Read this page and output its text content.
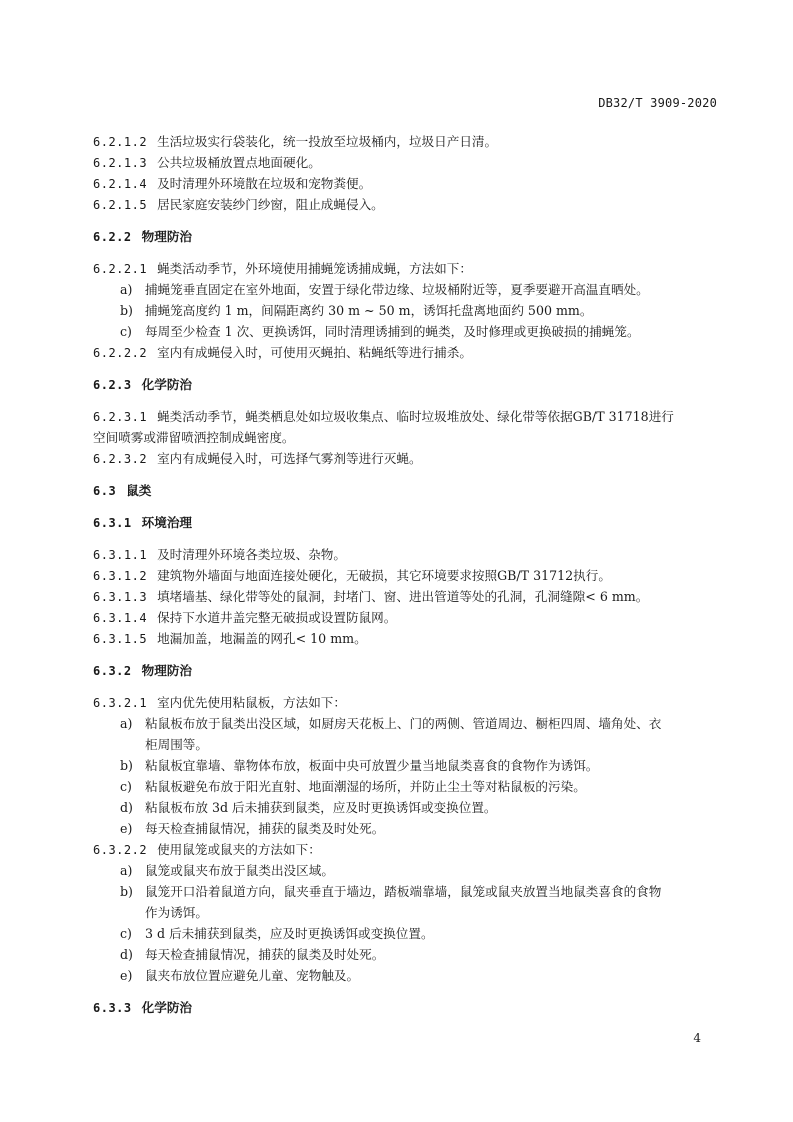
DB32/T 3909-2020
6.2.1.2 生活垃圾实行袋装化，统一投放至垃圾桶内，垃圾日产日清。
6.2.1.3 公共垃圾桶放置点地面硬化。
6.2.1.4 及时清理外环境散在垃圾和宠物粪便。
6.2.1.5 居民家庭安装纱门纱窗，阻止成蝇侵入。
6.2.2 物理防治
6.2.2.1 蝇类活动季节，外环境使用捕蝇笼诱捕成蝇，方法如下：
a) 捕蝇笼垂直固定在室外地面，安置于绿化带边缘、垃圾桶附近等，夏季要避开高温直晒处。
b) 捕蝇笼高度约 1 m，间隔距离约 30 m ~ 50 m，诱饵托盘离地面约 500 mm。
c) 每周至少检查 1 次、更换诱饵，同时清理诱捕到的蝇类，及时修理或更换破损的捕蝇笼。
6.2.2.2 室内有成蝇侵入时，可使用灭蝇拍、粘蝇纸等进行捕杀。
6.2.3 化学防治
6.2.3.1 蝇类活动季节，蝇类栖息处如垃圾收集点、临时垃圾堆放处、绿化带等依据GB/T 31718进行
空间喷雾或滞留喷洒控制成蝇密度。
6.2.3.2 室内有成蝇侵入时，可选择气雾剂等进行灭蝇。
6.3 鼠类
6.3.1 环境治理
6.3.1.1 及时清理外环境各类垃圾、杂物。
6.3.1.2 建筑物外墙面与地面连接处硬化，无破损，其它环境要求按照GB/T 31712执行。
6.3.1.3 填堵墙基、绿化带等处的鼠洞，封堵门、窗、进出管道等处的孔洞，孔洞缝隙< 6 mm。
6.3.1.4 保持下水道井盖完整无破损或设置防鼠网。
6.3.1.5 地漏加盖，地漏盖的网孔< 10 mm。
6.3.2 物理防治
6.3.2.1 室内优先使用粘鼠板，方法如下：
a) 粘鼠板布放于鼠类出没区域，如厨房天花板上、门的两侧、管道周边、橱柜四周、墙角处、衣
柜周围等。
b) 粘鼠板宜靠墙、靠物体布放，板面中央可放置少量当地鼠类喜食的食物作为诱饵。
c) 粘鼠板避免布放于阳光直射、地面潮湿的场所，并防止尘土等对粘鼠板的污染。
d) 粘鼠板布放 3d 后未捕获到鼠类，应及时更换诱饵或变换位置。
e) 每天检查捕鼠情况，捕获的鼠类及时处死。
6.3.2.2 使用鼠笼或鼠夹的方法如下：
a) 鼠笼或鼠夹布放于鼠类出没区域。
b) 鼠笼开口沿着鼠道方向，鼠夹垂直于墙边，踏板端靠墙，鼠笼或鼠夹放置当地鼠类喜食的食物
作为诱饵。
c) 3 d 后未捕获到鼠类，应及时更换诱饵或变换位置。
d) 每天检查捕鼠情况，捕获的鼠类及时处死。
e) 鼠夹布放位置应避免儿童、宠物触及。
6.3.3 化学防治
4
